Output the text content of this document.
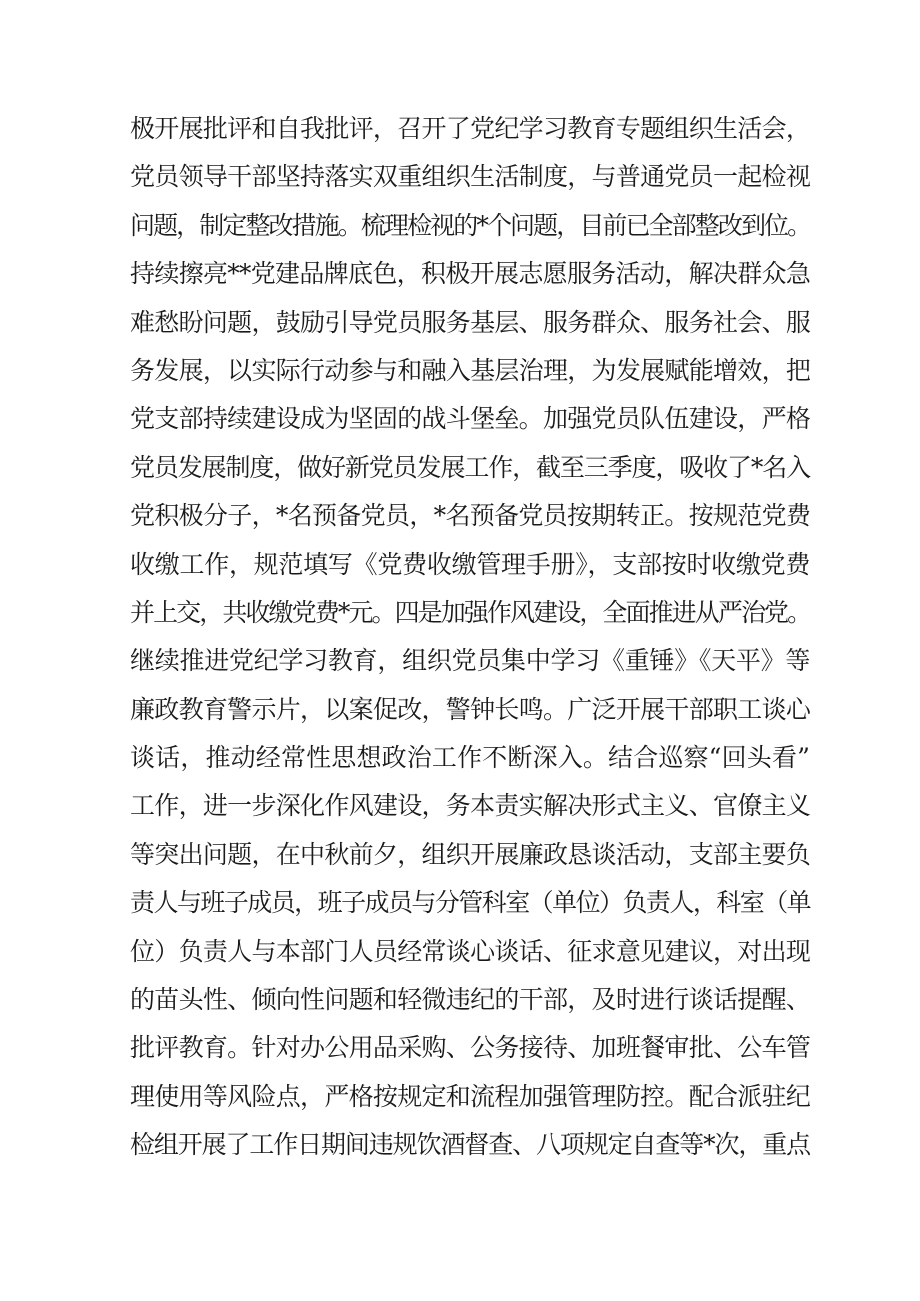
极开展批评和自我批评，召开了党纪学习教育专题组织生活会，
党员领导干部坚持落实双重组织生活制度，与普通党员一起检视
问题，制定整改措施。梳理检视的*个问题，目前已全部整改到位。
持续擦亮**党建品牌底色，积极开展志愿服务活动，解决群众急
难愁盼问题，鼓励引导党员服务基层、服务群众、服务社会、服
务发展，以实际行动参与和融入基层治理，为发展赋能增效，把
党支部持续建设成为坚固的战斗堡垒。加强党员队伍建设，严格
党员发展制度，做好新党员发展工作，截至三季度，吸收了*名入
党积极分子，*名预备党员，*名预备党员按期转正。按规范党费
收缴工作，规范填写《党费收缴管理手册》，支部按时收缴党费
并上交，共收缴党费*元。四是加强作风建设，全面推进从严治党。
继续推进党纪学习教育，组织党员集中学习《重锤》《天平》等
廉政教育警示片，以案促改，警钟长鸣。广泛开展干部职工谈心
谈话，推动经常性思想政治工作不断深入。结合巡察“回头看”
工作，进一步深化作风建设，务本责实解决形式主义、官僚主义
等突出问题，在中秋前夕，组织开展廉政恳谈活动，支部主要负
责人与班子成员，班子成员与分管科室（单位）负责人，科室（单
位）负责人与本部门人员经常谈心谈话、征求意见建议，对出现
的苗头性、倾向性问题和轻微违纪的干部，及时进行谈话提醒、
批评教育。针对办公用品采购、公务接待、加班餐审批、公车管
理使用等风险点，严格按规定和流程加强管理防控。配合派驻纪
检组开展了工作日期间违规饮酒督查、八项规定自查等*次，重点
